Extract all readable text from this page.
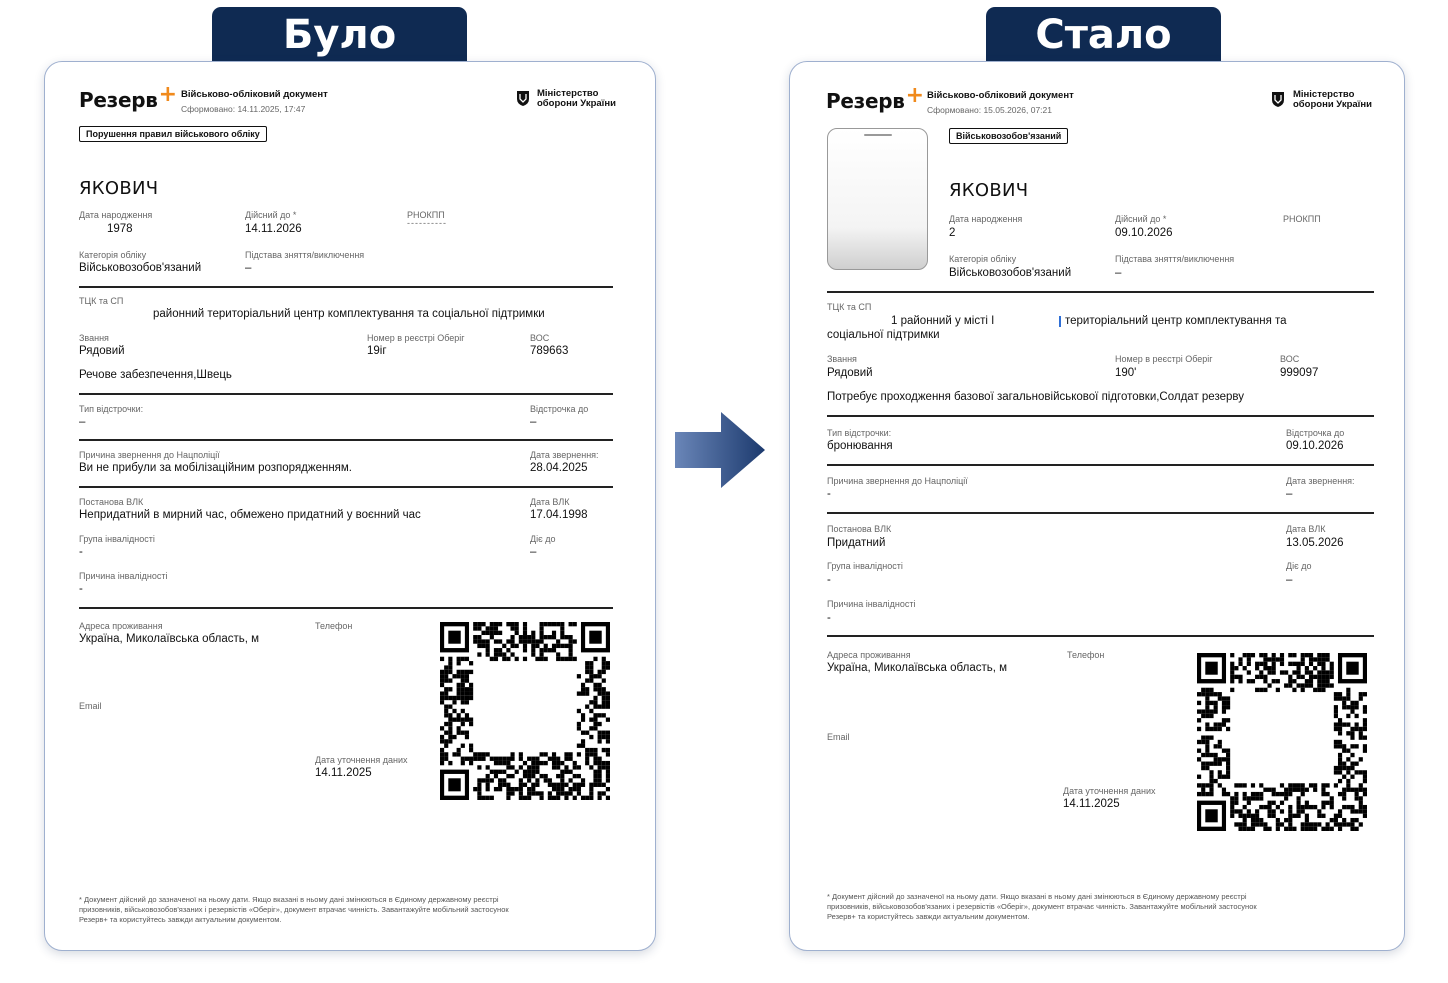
Було	Стало
Резерв+ Військово-обліковий документ
Сформовано: 14.11.2025, 17:47
Міністерство
оборони України
Порушення правил військового обліку
ЯКОВИЧ
Дата народження
1978
Дійсний до *
14.11.2026
РНОКПП
----------
Категорія обліку
Військовозобов'язаний
Підстава зняття/виключення
–
ТЦК та СП
районний територіальний центр комплектування та соціальної підтримки
Звання
Рядовий
Номер в реєстрі Оберіг
19іг
ВОС
789663
Речове забезпечення,Швець
Тип відстрочки:
–
Відстрочка до
–
Причина звернення до Нацполіції
Ви не прибули за мобілізаційним розпорядженням.
Дата звернення:
28.04.2025
Постанова ВЛК
Непридатний в мирний час, обмежено придатний у воєнний час
Дата ВЛК
17.04.1998
Група інвалідності
-
Діє до
–
Причина інвалідності
-
Адреса проживання
Україна, Миколаївська область, м
Телефон
Email
Дата уточнення даних
14.11.2025
* Документ дійсний до зазначеної на ньому дати. Якщо вказані в ньому дані змінюються в Єдиному державному реєстрі
призовників, військовозобов'язаних і резервістів «Оберіг», документ втрачає чинність. Завантажуйте мобільний застосунок
Резерв+ та користуйтесь завжди актуальним документом.
Резерв+ Військово-обліковий документ
Сформовано: 15.05.2026, 07:21
Міністерство
оборони України
Військовозобов'язаний
ЯКОВИЧ
Дата народження
2
Дійсний до *
09.10.2026
РНОКПП
Категорія обліку
Військовозобов'язаний
Підстава зняття/виключення
–
ТЦК та СП
1 районний у місті І	територіальний центр комплектування та
соціальної підтримки
Звання
Рядовий
Номер в реєстрі Оберіг
190'
ВОС
999097
Потребує проходження базової загальновійськової підготовки,Солдат резерву
Тип відстрочки:
бронювання
Відстрочка до
09.10.2026
Причина звернення до Нацполіції
-
Дата звернення:
–
Постанова ВЛК
Придатний
Дата ВЛК
13.05.2026
Група інвалідності
-
Діє до
–
Причина інвалідності
-
Адреса проживання
Україна, Миколаївська область, м
Телефон
Email
Дата уточнення даних
14.11.2025
* Документ дійсний до зазначеної на ньому дати. Якщо вказані в ньому дані змінюються в Єдиному державному реєстрі
призовників, військовозобов'язаних і резервістів «Оберіг», документ втрачає чинність. Завантажуйте мобільний застосунок
Резерв+ та користуйтесь завжди актуальним документом.
